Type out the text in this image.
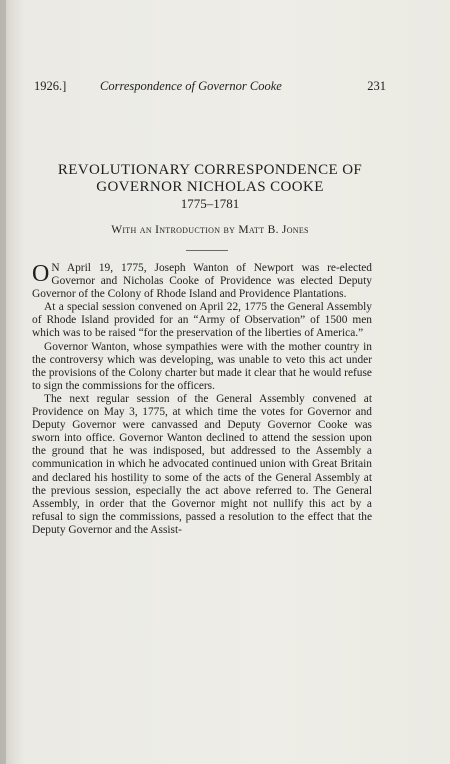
1926.]	Correspondence of Governor Cooke	231
REVOLUTIONARY CORRESPONDENCE OF
GOVERNOR NICHOLAS COOKE
1775–1781
With an Introduction by Matt B. Jones

O N April 19, 1775, Joseph Wanton of Newport was re-elected Governor and Nicholas Cooke of Providence was elected Deputy Governor of the Colony of Rhode Island and Providence Plantations.

At a special session convened on April 22, 1775 the General Assembly of Rhode Island provided for an “Army of Observation” of 1500 men which was to be raised “for the preservation of the liberties of America.”

Governor Wanton, whose sympathies were with the mother country in the controversy which was developing, was unable to veto this act under the provisions of the Colony charter but made it clear that he would refuse to sign the commissions for the officers.

The next regular session of the General Assembly convened at Providence on May 3, 1775, at which time the votes for Governor and Deputy Governor were canvassed and Deputy Governor Cooke was sworn into office. Governor Wanton declined to attend the session upon the ground that he was indisposed, but addressed to the Assembly a communication in which he advocated continued union with Great Britain and declared his hostility to some of the acts of the General Assembly at the previous session, especially the act above referred to. The General Assembly, in order that the Governor might not nullify this act by a refusal to sign the commissions, passed a resolution to the effect that the Deputy Governor and the Assist-
